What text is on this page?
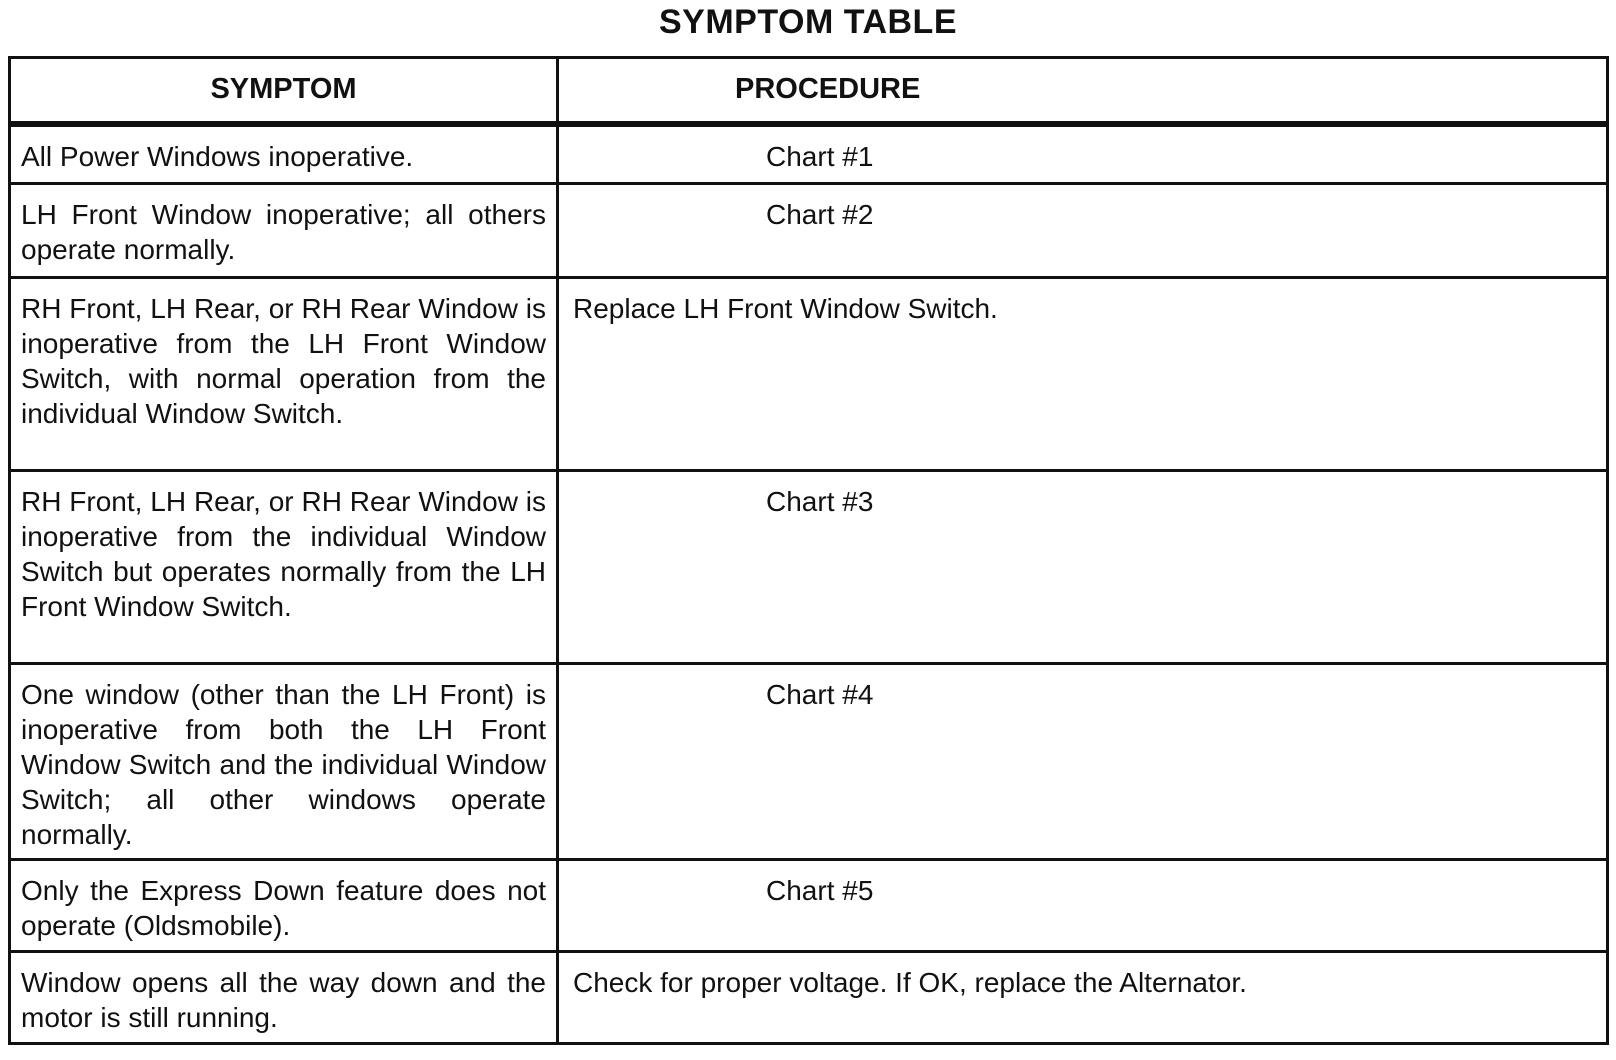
SYMPTOM TABLE
SYMPTOM	PROCEDURE
All Power Windows inoperative.	Chart #1
LH Front Window inoperative; all others operate normally.	Chart #2
RH Front, LH Rear, or RH Rear Window is inoperative from the LH Front Window Switch, with normal operation from the individual Window Switch.	Replace LH Front Window Switch.
RH Front, LH Rear, or RH Rear Window is inoperative from the individual Window Switch but operates normally from the LH Front Window Switch.	Chart #3
One window (other than the LH Front) is inoperative from both the LH Front Window Switch and the individual Window Switch; all other windows operate normally.	Chart #4
Only the Express Down feature does not operate (Oldsmobile).	Chart #5
Window opens all the way down and the motor is still running.	Check for proper voltage. If OK, replace the Alternator.
